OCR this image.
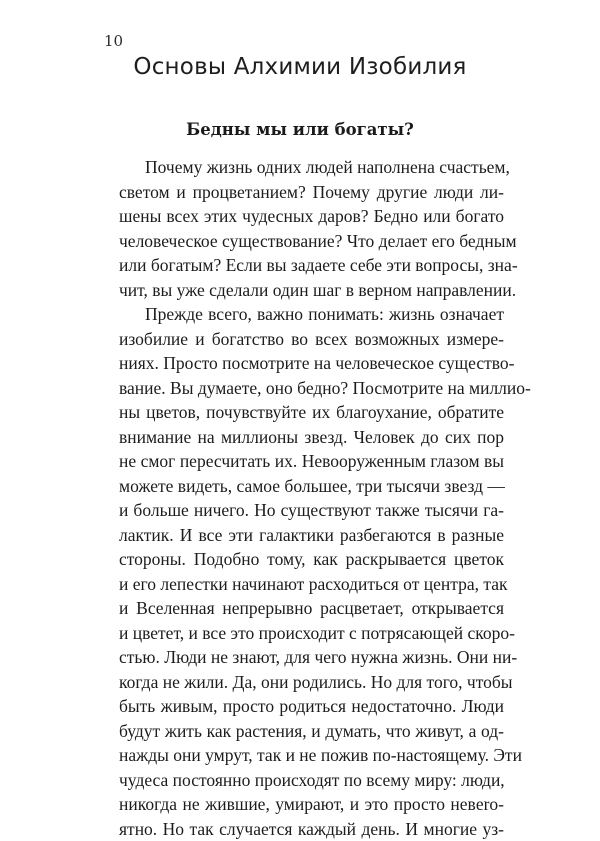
10
Основы Алхимии Изобилия
Бедны мы или богаты?
Почему жизнь одних людей наполнена счастьем,
светом и процветанием? Почему другие люди ли-
шены всех этих чудесных даров? Бедно или богато
человеческое существование? Что делает его бедным
или богатым? Если вы задаете себе эти вопросы, зна-
чит, вы уже сделали один шаг в верном направлении.
Прежде всего, важно понимать: жизнь означает
изобилие и богатство во всех возможных измере-
ниях. Просто посмотрите на человеческое существо-
вание. Вы думаете, оно бедно? Посмотрите на миллио-
ны цветов, почувствуйте их благоухание, обратите
внимание на миллионы звезд. Человек до сих пор
не смог пересчитать их. Невооруженным глазом вы
можете видеть, самое большее, три тысячи звезд —
и больше ничего. Но существуют также тысячи га-
лактик. И все эти галактики разбегаются в разные
стороны. Подобно тому, как раскрывается цветок
и его лепестки начинают расходиться от центра, так
и Вселенная непрерывно расцветает, открывается
и цветет, и все это происходит с потрясающей скоро-
стью. Люди не знают, для чего нужна жизнь. Они ни-
когда не жили. Да, они родились. Но для того, чтобы
быть живым, просто родиться недостаточно. Люди
будут жить как растения, и думать, что живут, а од-
нажды они умрут, так и не пожив по-настоящему. Эти
чудеса постоянно происходят по всему миру: люди,
никогда не жившие, умирают, и это просто невero-
ятно. Но так случается каждый день. И многие уз-
